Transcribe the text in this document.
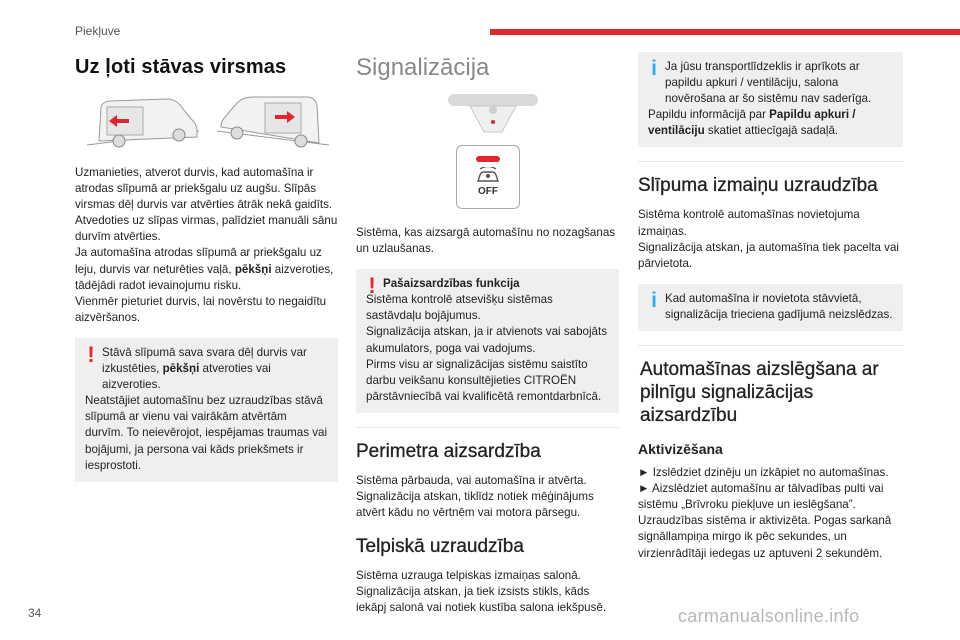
Piekļuve
Uz ļoti stāvas virsmas

Uzmanieties, atverot durvis, kad automašīna ir atrodas slīpumā ar priekšgalu uz augšu. Slīpās virsmas dēļ durvis var atvērties ātrāk nekā gaidīts.

Atvedoties uz slīpas virmas, palīdziet manuāli sānu durvīm atvērties.

Ja automašīna atrodas slīpumā ar priekšgalu uz leju, durvis var neturēties vaļā, pēkšņi aizveroties, tādējādi radot ievainojumu risku.

Vienmēr pieturiet durvis, lai novērstu to negaidītu aizvēršanos.

! Stāvā slīpumā sava svara dēļ durvis var izkustēties, pēkšņi atveroties vai aizveroties.

Neatstājiet automašīnu bez uzraudzības stāvā slīpumā ar vienu vai vairākām atvērtām durvīm. To neievērojot, iespējamas traumas vai bojājumi, ja persona vai kāds priekšmets ir iesprostoti.

Signalizācija
OFF

Sistēma, kas aizsargā automašīnu no nozagšanas un uzlaušanas.

! Pašaizsardzības funkcija

Sistēma kontrolē atsevišķu sistēmas sastāvdaļu bojājumus.

Signalizācija atskan, ja ir atvienots vai sabojāts akumulators, poga vai vadojums.

Pirms visu ar signalizācijas sistēmu saistīto darbu veikšanu konsultējieties CITROËN pārstāvniecībā vai kvalificētā remontdarbnīcā.

Perimetra aizsardzība

Sistēma pārbauda, vai automašīna ir atvērta.

Signalizācija atskan, tiklīdz notiek mēģinājums atvērt kādu no vērtnēm vai motora pārsegu.

Telpiskā uzraudzība

Sistēma uzrauga telpiskas izmaiņas salonā.

Signalizācija atskan, ja tiek izsists stikls, kāds iekāpj salonā vai notiek kustība salona iekšpusē.

i Ja jūsu transportlīdzeklis ir aprīkots ar papildu apkuri / ventilāciju, salona novērošana ar šo sistēmu nav saderīga.

Papildu informācijā par Papildu apkuri / ventilāciju skatiet attiecīgajā sadaļā.

Slīpuma izmaiņu uzraudzība

Sistēma kontrolē automašīnas novietojuma izmaiņas.

Signalizācija atskan, ja automašīna tiek pacelta vai pārvietota.

i Kad automašīna ir novietota stāvvietā, signalizācija trieciena gadījumā neizslēdzas.

Automašīnas aizslēgšana ar pilnīgu signalizācijas aizsardzību
Aktivizēšana

► Izslēdziet dzinēju un izkāpiet no automašīnas.

► Aizslēdziet automašīnu ar tālvadības pulti vai sistēmu „Brīvroku piekļuve un ieslēgšana”.

Uzraudzības sistēma ir aktivizēta. Pogas sarkanā signāllampiņa mirgo ik pēc sekundes, un virzienrādītāji iedegas uz aptuveni 2 sekundēm.

34	carmanualsonline.info
